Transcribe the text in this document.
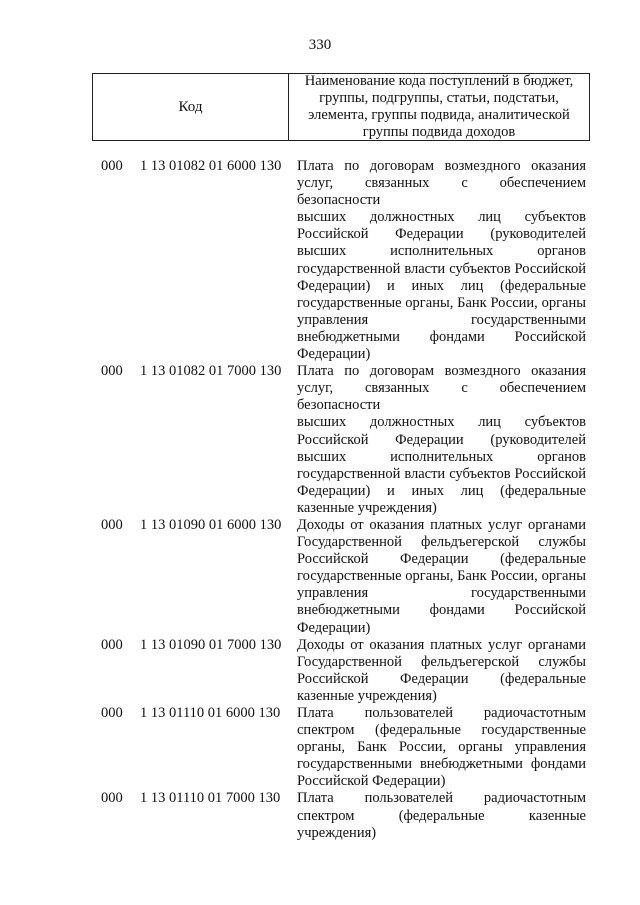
330
Код
Наименование кода поступлений в бюджет,
группы, подгруппы, статьи, подстатьи,
элемента, группы подвида, аналитической
группы подвида доходов
000 1 13 01082 01 6000 130 Плата по договорам возмездного оказания
услуг, связанных с обеспечением безопасности
высших должностных лиц субъектов
Российской Федерации (руководителей
высших исполнительных органов
государственной власти субъектов Российской
Федерации) и иных лиц (федеральные
государственные органы, Банк России, органы
управления государственными
внебюджетными фондами Российской
Федерации)
000 1 13 01082 01 7000 130 Плата по договорам возмездного оказания
услуг, связанных с обеспечением безопасности
высших должностных лиц субъектов
Российской Федерации (руководителей
высших исполнительных органов
государственной власти субъектов Российской
Федерации) и иных лиц (федеральные
казенные учреждения)
000 1 13 01090 01 6000 130 Доходы от оказания платных услуг органами
Государственной фельдъегерской службы
Российской Федерации (федеральные
государственные органы, Банк России, органы
управления государственными
внебюджетными фондами Российской
Федерации)
000 1 13 01090 01 7000 130 Доходы от оказания платных услуг органами
Государственной фельдъегерской службы
Российской Федерации (федеральные
казенные учреждения)
000 1 13 01110 01 6000 130 Плата пользователей радиочастотным
спектром (федеральные государственные
органы, Банк России, органы управления
государственными внебюджетными фондами
Российской Федерации)
000 1 13 01110 01 7000 130 Плата пользователей радиочастотным
спектром (федеральные казенные учреждения)
